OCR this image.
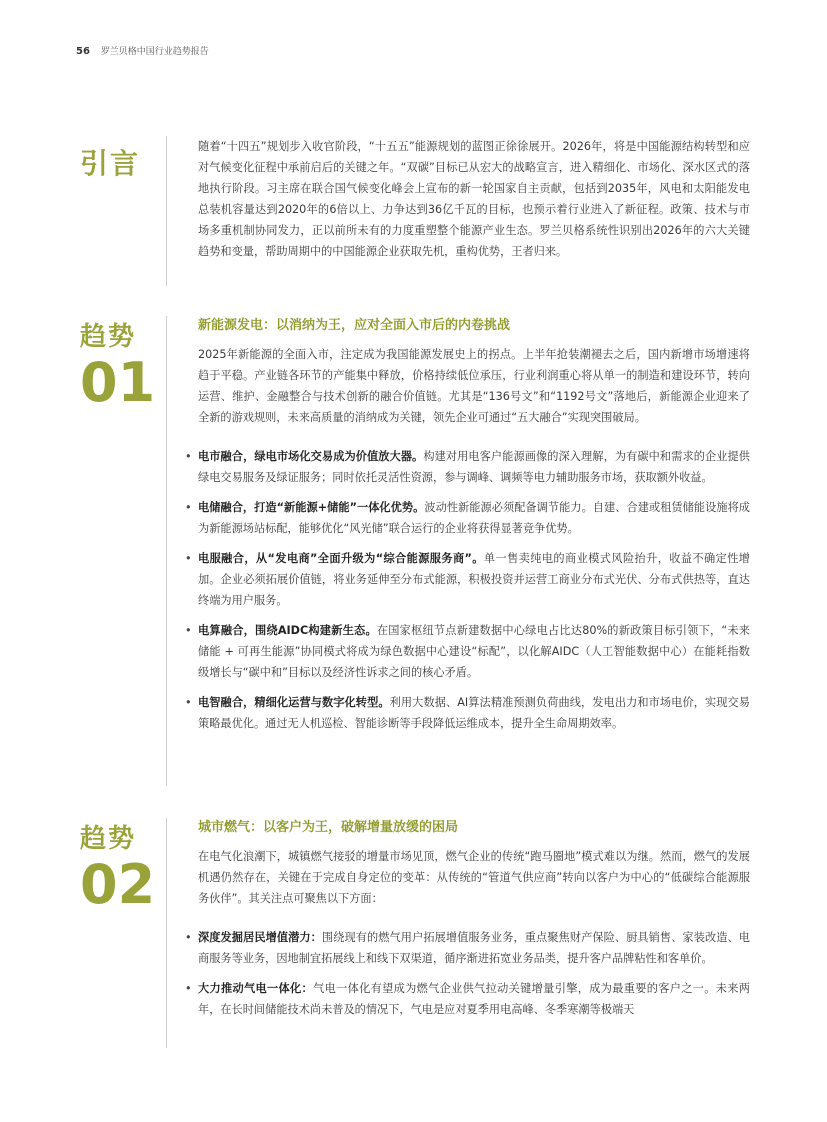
56 罗兰贝格中国行业趋势报告
引言

随着“十四五”规划步入收官阶段，“十五五”能源规划的蓝图正徐徐展开。2026年，将是中国能源结构转型和应对气候变化征程中承前启后的关键之年。“双碳”目标已从宏大的战略宣言，进入精细化、市场化、深水区式的落地执行阶段。习主席在联合国气候变化峰会上宣布的新一轮国家自主贡献，包括到2035年，风电和太阳能发电总装机容量达到2020年的6倍以上、力争达到36亿千瓦的目标，也预示着行业进入了新征程。政策、技术与市场多重机制协同发力，正以前所未有的力度重塑整个能源产业生态。罗兰贝格系统性识别出2026年的六大关键趋势和变量，帮助周期中的中国能源企业获取先机，重构优势，王者归来。

趋势
01
新能源发电：以消纳为王，应对全面入市后的内卷挑战

2025年新能源的全面入市，注定成为我国能源发展史上的拐点。上半年抢装潮褪去之后，国内新增市场增速将趋于平稳。产业链各环节的产能集中释放，价格持续低位承压，行业利润重心将从单一的制造和建设环节，转向运营、维护、金融整合与技术创新的融合价值链。尤其是“136号文”和“1192号文”落地后，新能源企业迎来了全新的游戏规则，未来高质量的消纳成为关键，领先企业可通过“五大融合”实现突围破局。

• 电市融合，绿电市场化交易成为价值放大器。构建对用电客户能源画像的深入理解，为有碳中和需求的企业提供绿电交易服务及绿证服务；同时依托灵活性资源，参与调峰、调频等电力辅助服务市场，获取额外收益。
• 电储融合，打造“新能源+储能”一体化优势。波动性新能源必须配备调节能力。自建、合建或租赁储能设施将成为新能源场站标配，能够优化“风光储”联合运行的企业将获得显著竞争优势。
• 电服融合，从“发电商”全面升级为“综合能源服务商”。单一售卖纯电的商业模式风险抬升，收益不确定性增加。企业必须拓展价值链，将业务延伸至分布式能源，积极投资并运营工商业分布式光伏、分布式供热等，直达终端为用户服务。
• 电算融合，围绕AIDC构建新生态。在国家枢纽节点新建数据中心绿电占比达80%的新政策目标引领下，“未来储能 + 可再生能源”协同模式将成为绿色数据中心建设“标配”，以化解AIDC（人工智能数据中心）在能耗指数级增长与“碳中和”目标以及经济性诉求之间的核心矛盾。
• 电智融合，精细化运营与数字化转型。利用大数据、AI算法精准预测负荷曲线，发电出力和市场电价，实现交易策略最优化。通过无人机巡检、智能诊断等手段降低运维成本，提升全生命周期效率。
趋势
02
城市燃气：以客户为王，破解增量放缓的困局

在电气化浪潮下，城镇燃气接驳的增量市场见顶，燃气企业的传统“跑马圈地”模式难以为继。然而，燃气的发展机遇仍然存在，关键在于完成自身定位的变革：从传统的“管道气供应商”转向以客户为中心的“低碳综合能源服务伙伴”。其关注点可聚焦以下方面：

• 深度发掘居民增值潜力：围绕现有的燃气用户拓展增值服务业务，重点聚焦财产保险、厨具销售、家装改造、电商服务等业务，因地制宜拓展线上和线下双渠道，循序渐进拓宽业务品类，提升客户品牌粘性和客单价。
• 大力推动气电一体化：气电一体化有望成为燃气企业供气拉动关键增量引擎，成为最重要的客户之一。未来两年，在长时间储能技术尚未普及的情况下，气电是应对夏季用电高峰、冬季寒潮等极端天
